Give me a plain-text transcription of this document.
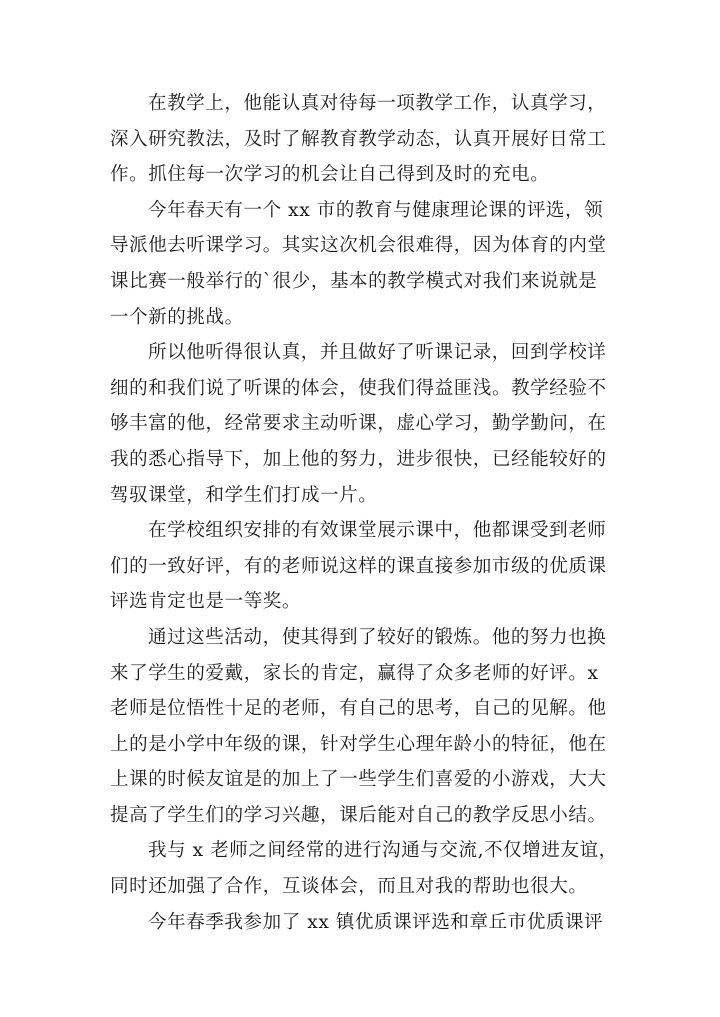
在教学上，他能认真对待每一项教学工作，认真学习，
深入研究教法，及时了解教育教学动态，认真开展好日常工
作。抓住每一次学习的机会让自己得到及时的充电。
今年春天有一个 xx 市的教育与健康理论课的评选，领
导派他去听课学习。其实这次机会很难得，因为体育的内堂
课比赛一般举行的`很少，基本的教学模式对我们来说就是
一个新的挑战。
所以他听得很认真，并且做好了听课记录，回到学校详
细的和我们说了听课的体会，使我们得益匪浅。教学经验不
够丰富的他，经常要求主动听课，虚心学习，勤学勤问，在
我的悉心指导下，加上他的努力，进步很快，已经能较好的
驾驭课堂，和学生们打成一片。
在学校组织安排的有效课堂展示课中，他都课受到老师
们的一致好评，有的老师说这样的课直接参加市级的优质课
评选肯定也是一等奖。
通过这些活动，使其得到了较好的锻炼。他的努力也换
来了学生的爱戴，家长的肯定，赢得了众多老师的好评。x
老师是位悟性十足的老师，有自己的思考，自己的见解。他
上的是小学中年级的课，针对学生心理年龄小的特征，他在
上课的时候友谊是的加上了一些学生们喜爱的小游戏，大大
提高了学生们的学习兴趣，课后能对自己的教学反思小结。
我与 x 老师之间经常的进行沟通与交流,不仅增进友谊，
同时还加强了合作，互谈体会，而且对我的帮助也很大。
今年春季我参加了 xx 镇优质课评选和章丘市优质课评
